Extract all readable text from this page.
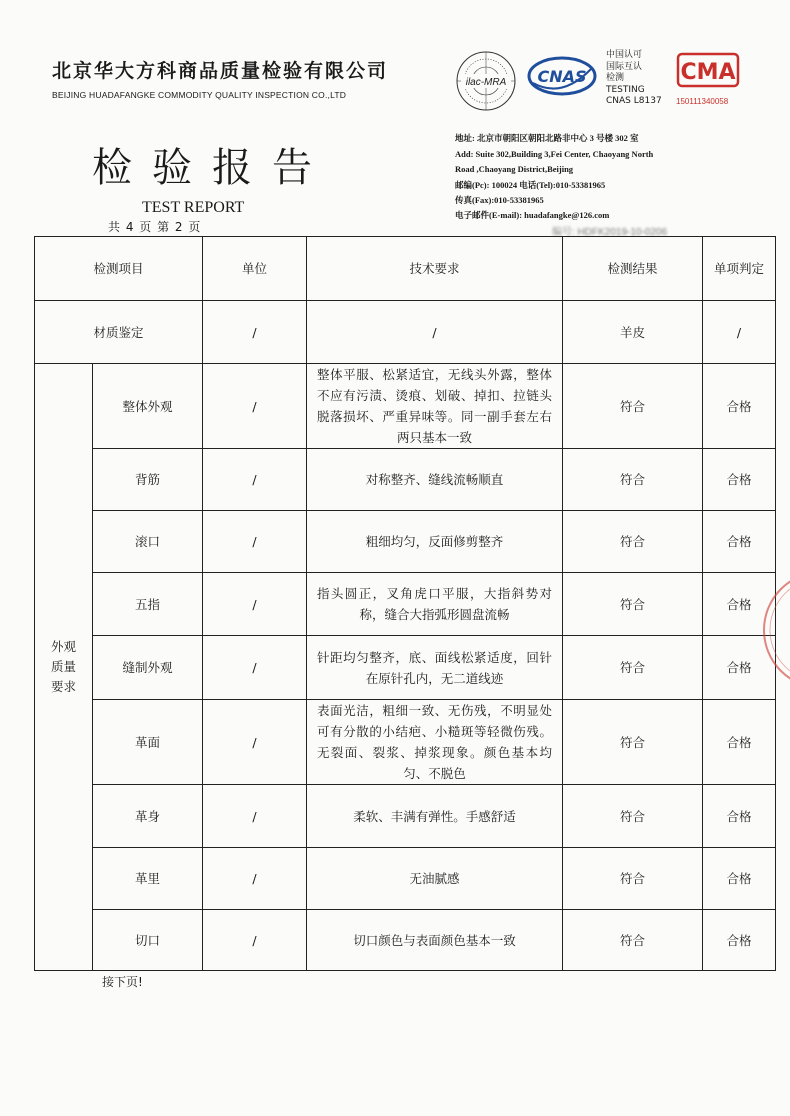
北京华大方科商品质量检验有限公司
BEIJING HUADAFANGKE COMMODITY QUALITY INSPECTION CO.,LTD
ilac-MRA CNAS
中国认可
国际互认
检测
TESTING
CNAS L8137
CMA
150111340058
检验报告
TEST REPORT
共 4 页 第 2 页
地址: 北京市朝阳区朝阳北路非中心 3 号楼 302 室
Add: Suite 302,Building 3,Fei Center, Chaoyang North
Road ,Chaoyang District,Beijing
邮编(Pc): 100024 电话(Tel):010-53381965
传真(Fax):010-53381965
电子邮件(E-mail): huadafangke@126.com
编号: HDFK2019-10-0206
检测项目		单位	技术要求	检测结果	单项判定
材质鉴定		/	/	羊皮	/
外观质量要求	整体外观	/	整体平服、松紧适宜，无线头外露，整体不应有污渍、烫痕、划破、掉扣、拉链头脱落损坏、严重异味等。同一副手套左右两只基本一致	符合	合格
	背筋	/	对称整齐、缝线流畅顺直	符合	合格
	滚口	/	粗细均匀，反面修剪整齐	符合	合格
	五指	/	指头圆正，叉角虎口平服，大指斜势对称，缝合大指弧形圆盘流畅	符合	合格
	缝制外观	/	针距均匀整齐，底、面线松紧适度，回针在原针孔内，无二道线迹	符合	合格
	革面	/	表面光洁，粗细一致、无伤残，不明显处可有分散的小结疤、小糙斑等轻微伤残。无裂面、裂浆、掉浆现象。颜色基本均匀、不脱色	符合	合格
	革身	/	柔软、丰满有弹性。手感舒适	符合	合格
	革里	/	无油腻感	符合	合格
	切口	/	切口颜色与表面颜色基本一致	符合	合格
接下页!
